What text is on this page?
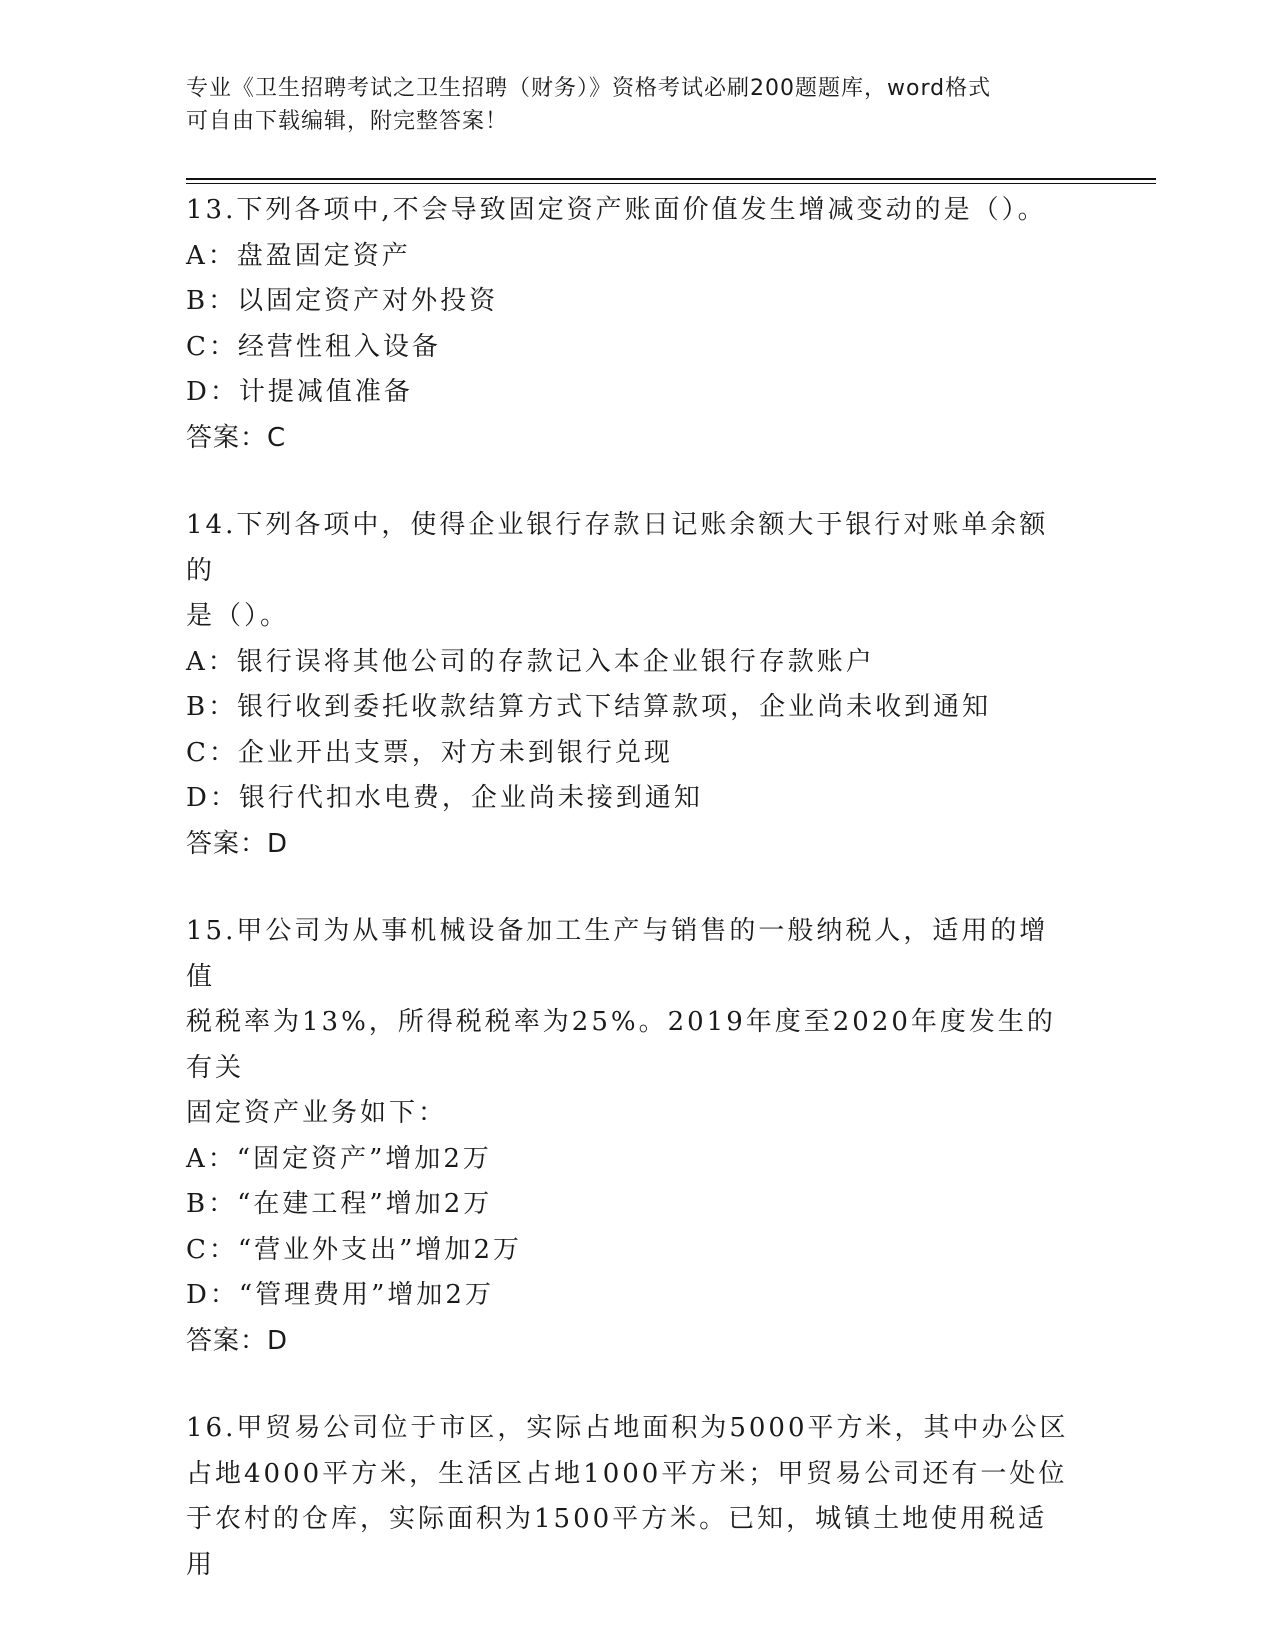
专业《卫生招聘考试之卫生招聘（财务）》资格考试必刷200题题库，word格式
可自由下载编辑，附完整答案！
13.下列各项中,不会导致固定资产账面价值发生增减变动的是（）。
A：盘盈固定资产
B：以固定资产对外投资
C：经营性租入设备
D：计提减值准备
答案：C
14.下列各项中，使得企业银行存款日记账余额大于银行对账单余额的
是（）。
A：银行误将其他公司的存款记入本企业银行存款账户
B：银行收到委托收款结算方式下结算款项，企业尚未收到通知
C：企业开出支票，对方未到银行兑现
D：银行代扣水电费，企业尚未接到通知
答案：D
15.甲公司为从事机械设备加工生产与销售的一般纳税人，适用的增值
税税率为13%，所得税税率为25%。2019年度至2020年度发生的有关
固定资产业务如下：
A：“固定资产”增加2万
B：“在建工程”增加2万
C：“营业外支出”增加2万
D：“管理费用”增加2万
答案：D
16.甲贸易公司位于市区，实际占地面积为5000平方米，其中办公区
占地4000平方米，生活区占地1000平方米；甲贸易公司还有一处位
于农村的仓库，实际面积为1500平方米。已知，城镇土地使用税适用
